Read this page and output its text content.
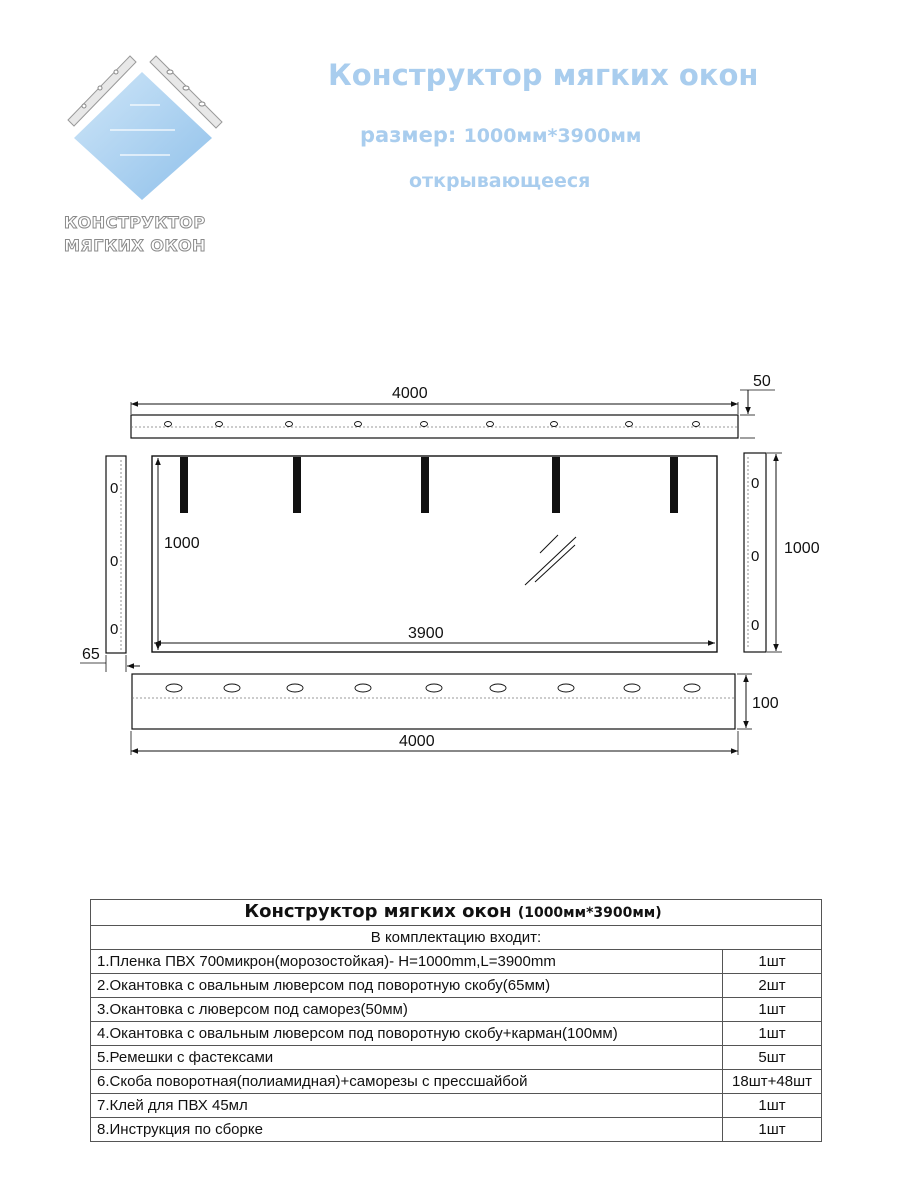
КОНСТРУКТОР
МЯГКИХ ОКОН
Конструктор мягких окон
размер: 1000мм*3900мм
открывающееся
4000
50
0
0
0
65
1000
3900
0
0
0
1000
100
4000
Конструктор мягких окон (1000мм*3900мм)	
В комплектацию входит:	
1.Пленка ПВХ 700микрон(морозостойкая)- H=1000mm,L=3900mm	1шт
2.Окантовка с овальным люверсом под поворотную скобу(65мм)	2шт
3.Окантовка с люверсом под саморез(50мм)	1шт
4.Окантовка с овальным люверсом под поворотную скобу+карман(100мм)	1шт
5.Ремешки с фастексами	5шт
6.Скоба поворотная(полиамидная)+саморезы с прессшайбой	18шт+48шт
7.Клей для ПВХ 45мл	1шт
8.Инструкция по сборке	1шт
